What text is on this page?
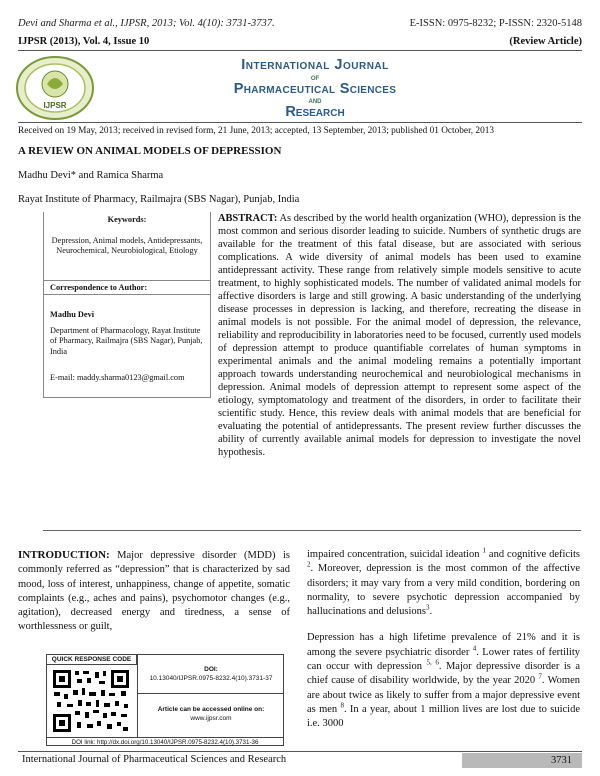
Devi and Sharma et al., IJPSR, 2013; Vol. 4(10): 3731-3737.	E-ISSN: 0975-8232; P-ISSN: 2320-5148
IJPSR (2013), Vol. 4, Issue 10	(Review Article)
IJPSR
International Journal
of
Pharmaceutical Sciences
and
Research
Received on 19 May, 2013; received in revised form, 21 June, 2013; accepted, 13 September, 2013; published 01 October, 2013
A REVIEW ON ANIMAL MODELS OF DEPRESSION
Madhu Devi* and Ramica Sharma
Rayat Institute of Pharmacy, Railmajra (SBS Nagar), Punjab, India
Keywords:
Depression, Animal models, Antidepressants, Neurochemical, Neurobiological, Etiology
Correspondence to Author:
Madhu Devi
Department of Pharmacology, Rayat Institute of Pharmacy, Railmajra (SBS Nagar), Punjab, India
E-mail: maddy.sharma0123@gmail.com
ABSTRACT: As described by the world health organization (WHO), depression is the most common and serious disorder leading to suicide. Numbers of synthetic drugs are available for the treatment of this fatal disease, but are associated with serious complications. A wide diversity of animal models has been used to examine antidepressant activity. These range from relatively simple models sensitive to acute treatment, to highly sophisticated models. The number of validated animal models for affective disorders is large and still growing. A basic understanding of the underlying disease processes in depression is lacking, and therefore, recreating the disease in animal models is not possible. For the animal model of depression, the relevance, reliability and reproducibility in laboratories need to be focused, currently used models of depression attempt to produce quantifiable correlates of human symptoms in experimental animals and the animal modeling remains a potentially important approach towards understanding neurochemical and neurobiological mechanisms in depression. Animal models of depression attempt to represent some aspect of the etiology, symptomatology and treatment of the disorders, in order to facilitate their scientific study. Hence, this review deals with animal models that are beneficial for evaluating the potential of antidepressants. The present review further discusses the ability of currently available animal models for depression to investigate the novel hypothesis.
INTRODUCTION: Major depressive disorder (MDD) is commonly referred as “depression” that is characterized by sad mood, loss of interest, unhappiness, change of appetite, somatic complaints (e.g., aches and pains), psychomotor changes (e.g., agitation), decreased energy and tiredness, a sense of worthlessness or guilt,

impaired concentration, suicidal ideation $^1$ and cognitive deficits $^2$. Moreover, depression is the most common of the affective disorders; it may vary from a very mild condition, bordering on normality, to severe psychotic depression accompanied by hallucinations and delusions$^3$.

Depression has a high lifetime prevalence of 21% and it is among the severe psychiatric disorder $^4$. Lower rates of fertility can occur with depression $^{5, 6}$. Major depressive disorder is a chief cause of disability worldwide, by the year 2020 $^7$. Women are about twice as likely to suffer from a major depressive event as men $^8$. In a year, about 1 million lives are lost due to suicide i.e. 3000

QUICK RESPONSE CODE
DOI:
10.13040/IJPSR.0975-8232.4(10).3731-37
Article can be accessed online on:
www.ijpsr.com
DOI link: http://dx.doi.org/10.13040/IJPSR.0975-8232.4(10).3731-36
International Journal of Pharmaceutical Sciences and Research	3731
